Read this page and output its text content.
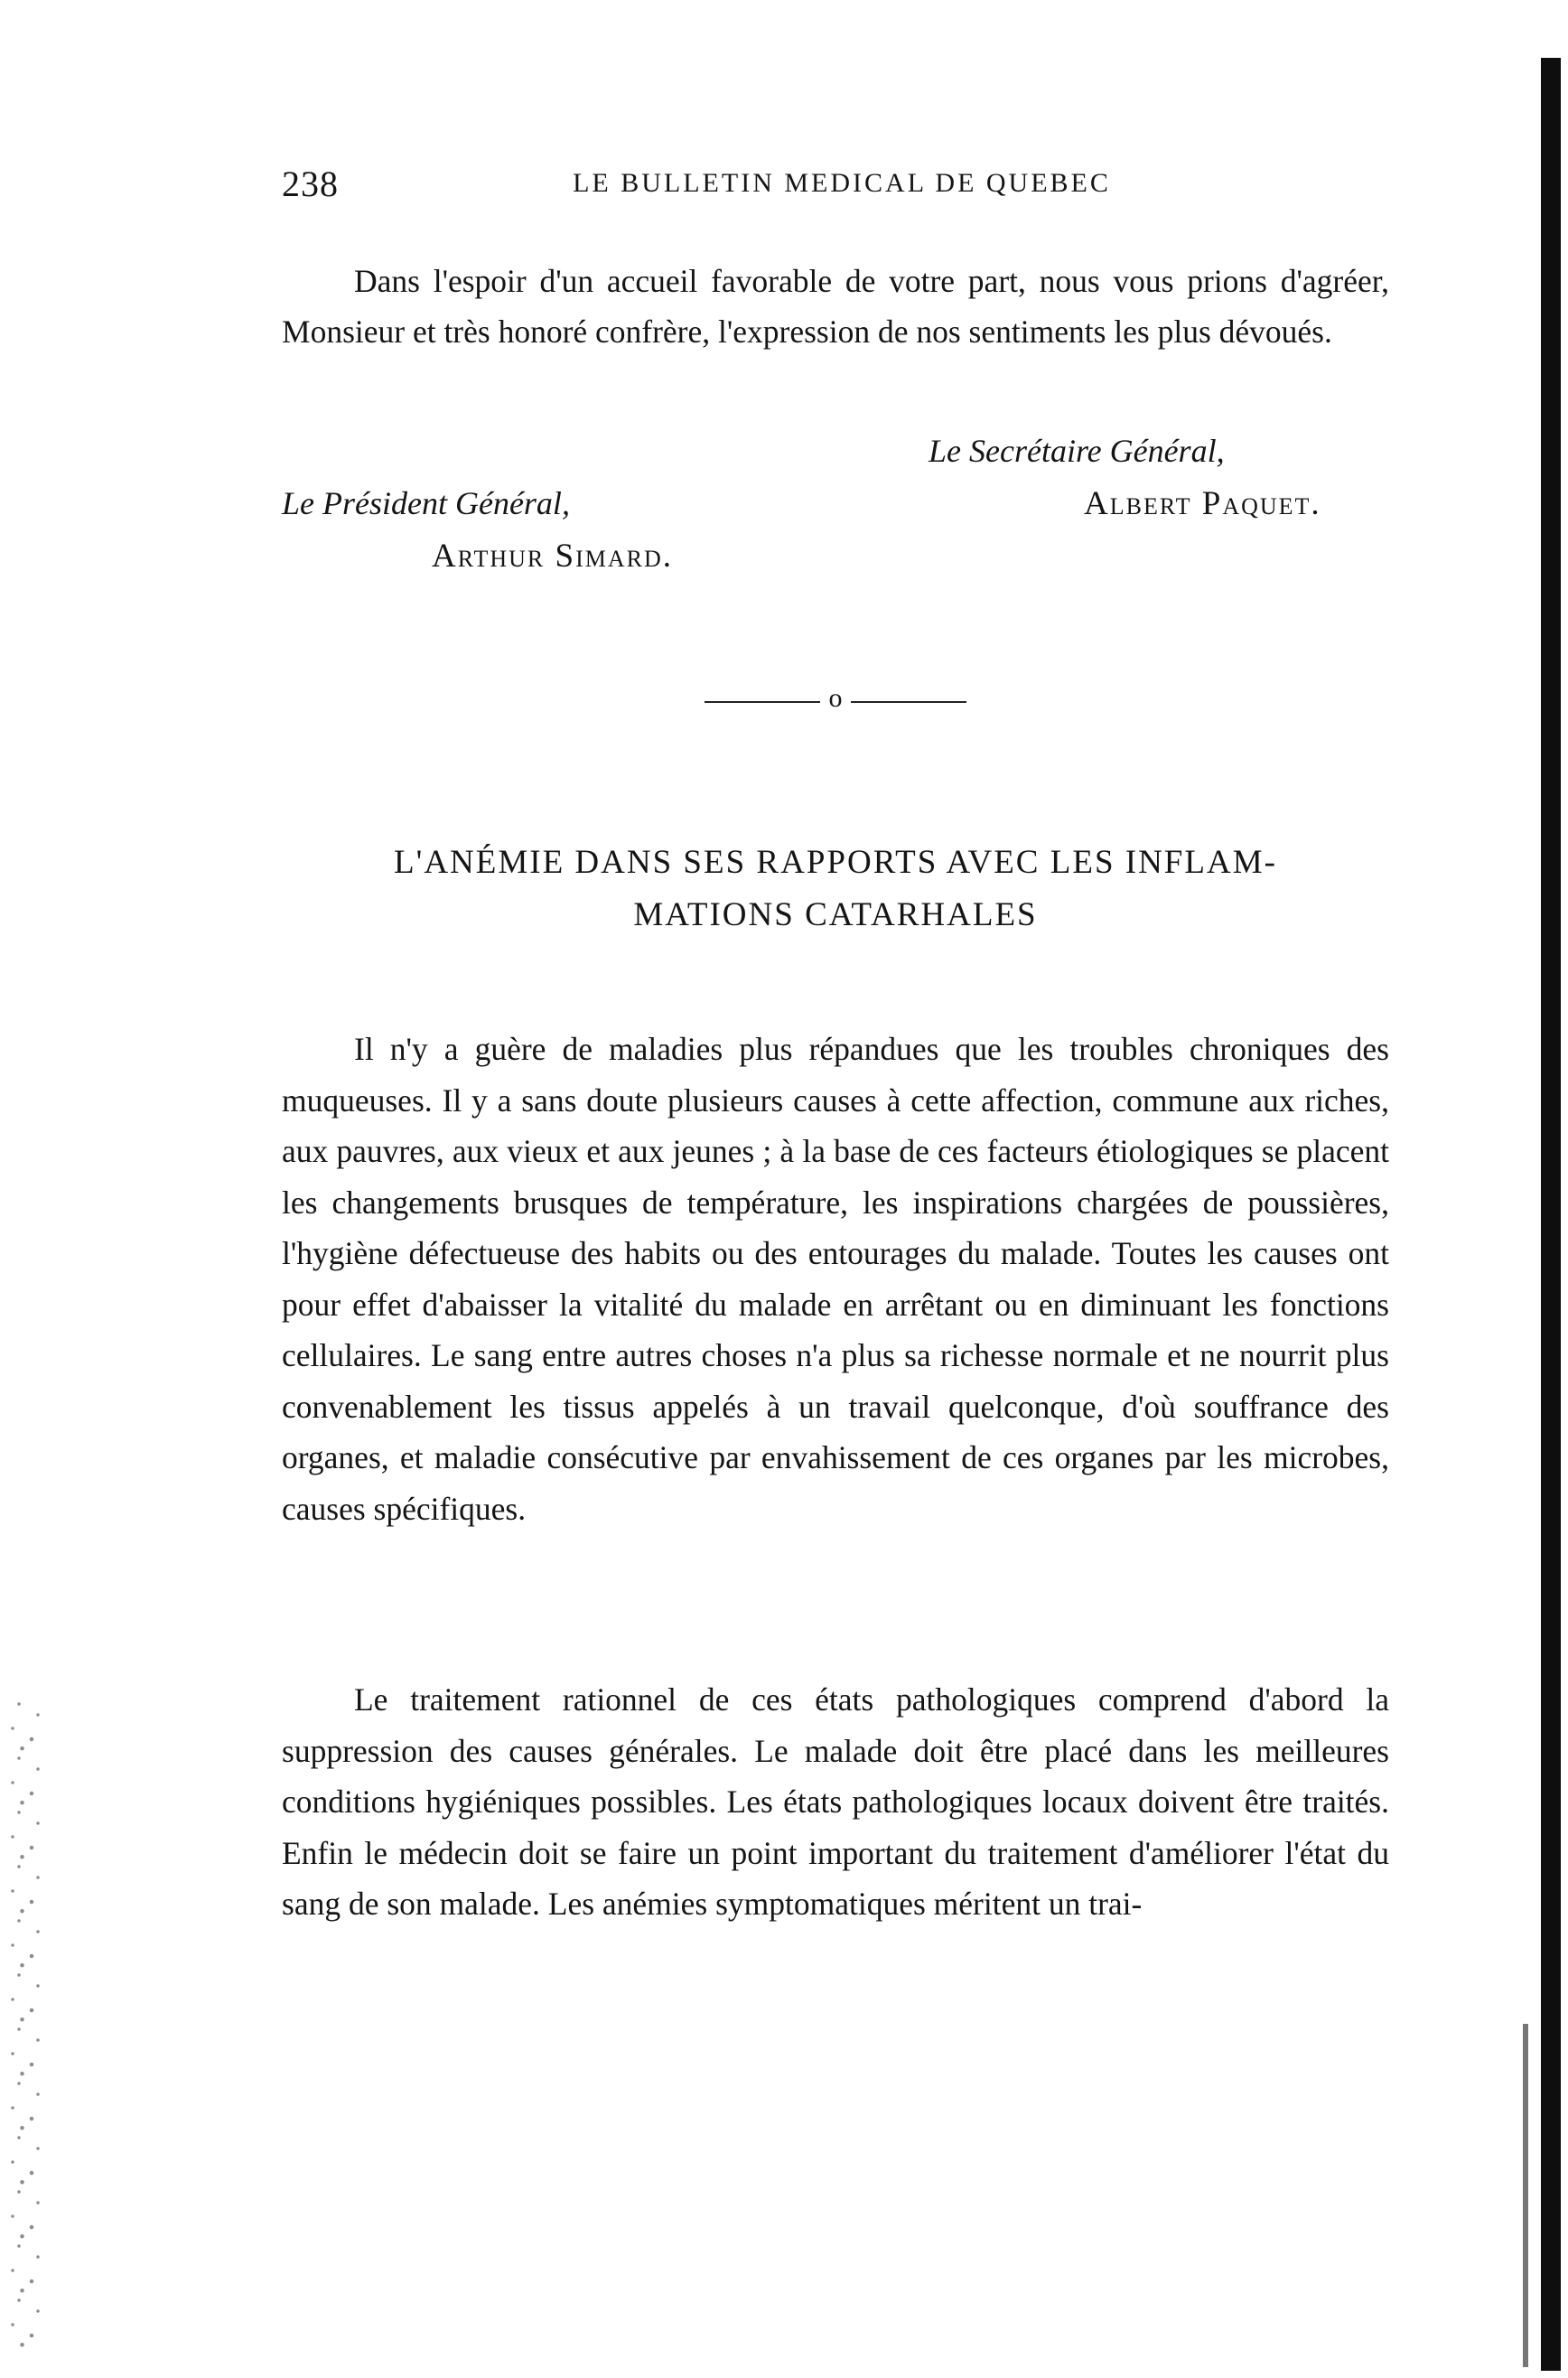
238	LE BULLETIN MEDICAL DE QUEBEC

Dans l'espoir d'un accueil favorable de votre part, nous vous prions d'agréer, Monsieur et très honoré confrère, l'expression de nos sentiments les plus dévoués.

Le Secrétaire Général,
Albert Paquet.
Le Président Général,
Arthur Simard.
o
L'ANÉMIE DANS SES RAPPORTS AVEC LES INFLAM-
MATIONS CATARHALES

Il n'y a guère de maladies plus répandues que les troubles chroniques des muqueuses. Il y a sans doute plusieurs causes à cette affection, commune aux riches, aux pauvres, aux vieux et aux jeunes ; à la base de ces facteurs étiologiques se placent les changements brusques de température, les inspirations chargées de poussières, l'hygiène défectueuse des habits ou des entourages du malade. Toutes les causes ont pour effet d'abaisser la vitalité du malade en arrêtant ou en diminuant les fonctions cellulaires. Le sang entre autres choses n'a plus sa richesse normale et ne nourrit plus convenablement les tissus appelés à un travail quelconque, d'où souffrance des organes, et maladie consécutive par envahissement de ces organes par les microbes, causes spécifiques.

Le traitement rationnel de ces états pathologiques comprend d'abord la suppression des causes générales. Le malade doit être placé dans les meilleures conditions hygiéniques possibles. Les états pathologiques locaux doivent être traités. Enfin le médecin doit se faire un point important du traitement d'améliorer l'état du sang de son malade. Les anémies symptomatiques méritent un trai-
